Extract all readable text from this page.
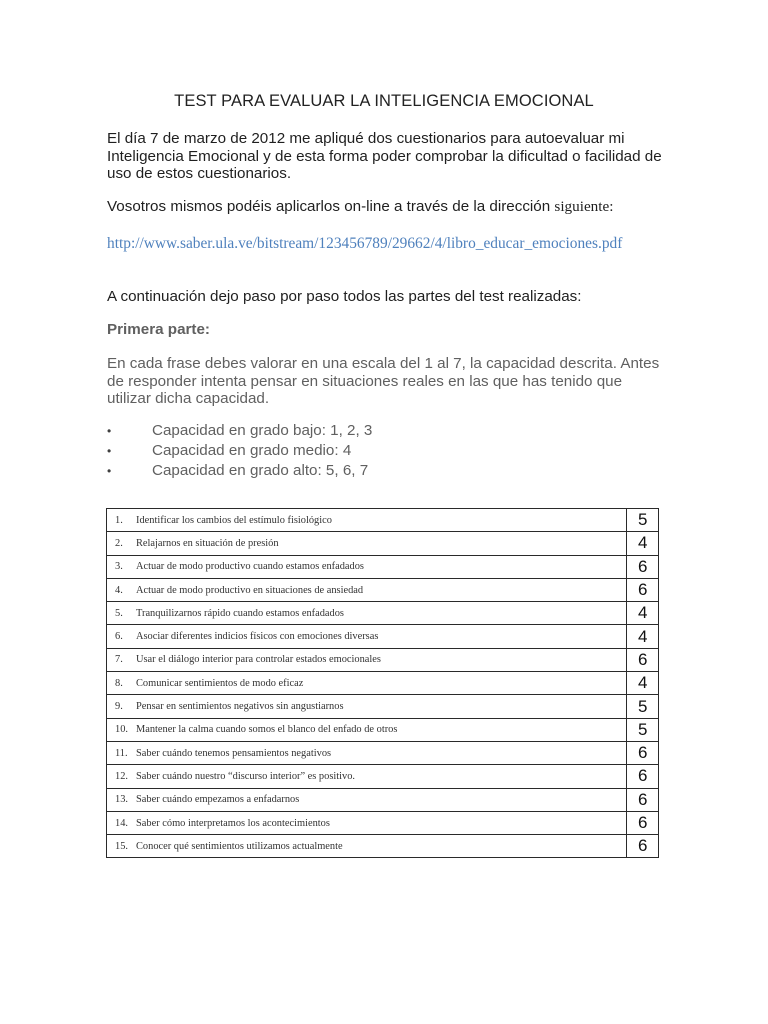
TEST PARA EVALUAR LA INTELIGENCIA EMOCIONAL
El día 7 de marzo de 2012 me apliqué dos cuestionarios para autoevaluar mi Inteligencia Emocional y de esta forma poder comprobar la dificultad o facilidad de uso de estos cuestionarios.
Vosotros mismos podéis aplicarlos on-line a través de la dirección siguiente:
http://www.saber.ula.ve/bitstream/123456789/29662/4/libro_educar_emociones.pdf
A continuación dejo paso por paso todos las partes del test realizadas:
Primera parte:
En cada frase debes valorar en una escala del 1 al 7, la capacidad descrita. Antes de responder intenta pensar en situaciones reales en las que has tenido que utilizar dicha capacidad.
•	Capacidad en grado bajo: 1, 2, 3
•	Capacidad en grado medio: 4
•	Capacidad en grado alto: 5, 6, 7
1. Identificar los cambios del estímulo fisiológico	5
2. Relajarnos en situación de presión	4
3. Actuar de modo productivo cuando estamos enfadados	6
4. Actuar de modo productivo en situaciones de ansiedad	6
5. Tranquilizarnos rápido cuando estamos enfadados	4
6. Asociar diferentes indicios físicos con emociones diversas	4
7. Usar el diálogo interior para controlar estados emocionales	6
8. Comunicar sentimientos de modo eficaz	4
9. Pensar en sentimientos negativos sin angustiarnos	5
10. Mantener la calma cuando somos el blanco del enfado de otros	5
11. Saber cuándo tenemos pensamientos negativos	6
12. Saber cuándo nuestro “discurso interior” es positivo.	6
13. Saber cuándo empezamos a enfadarnos	6
14. Saber cómo interpretamos los acontecimientos	6
15. Conocer qué sentimientos utilizamos actualmente	6
